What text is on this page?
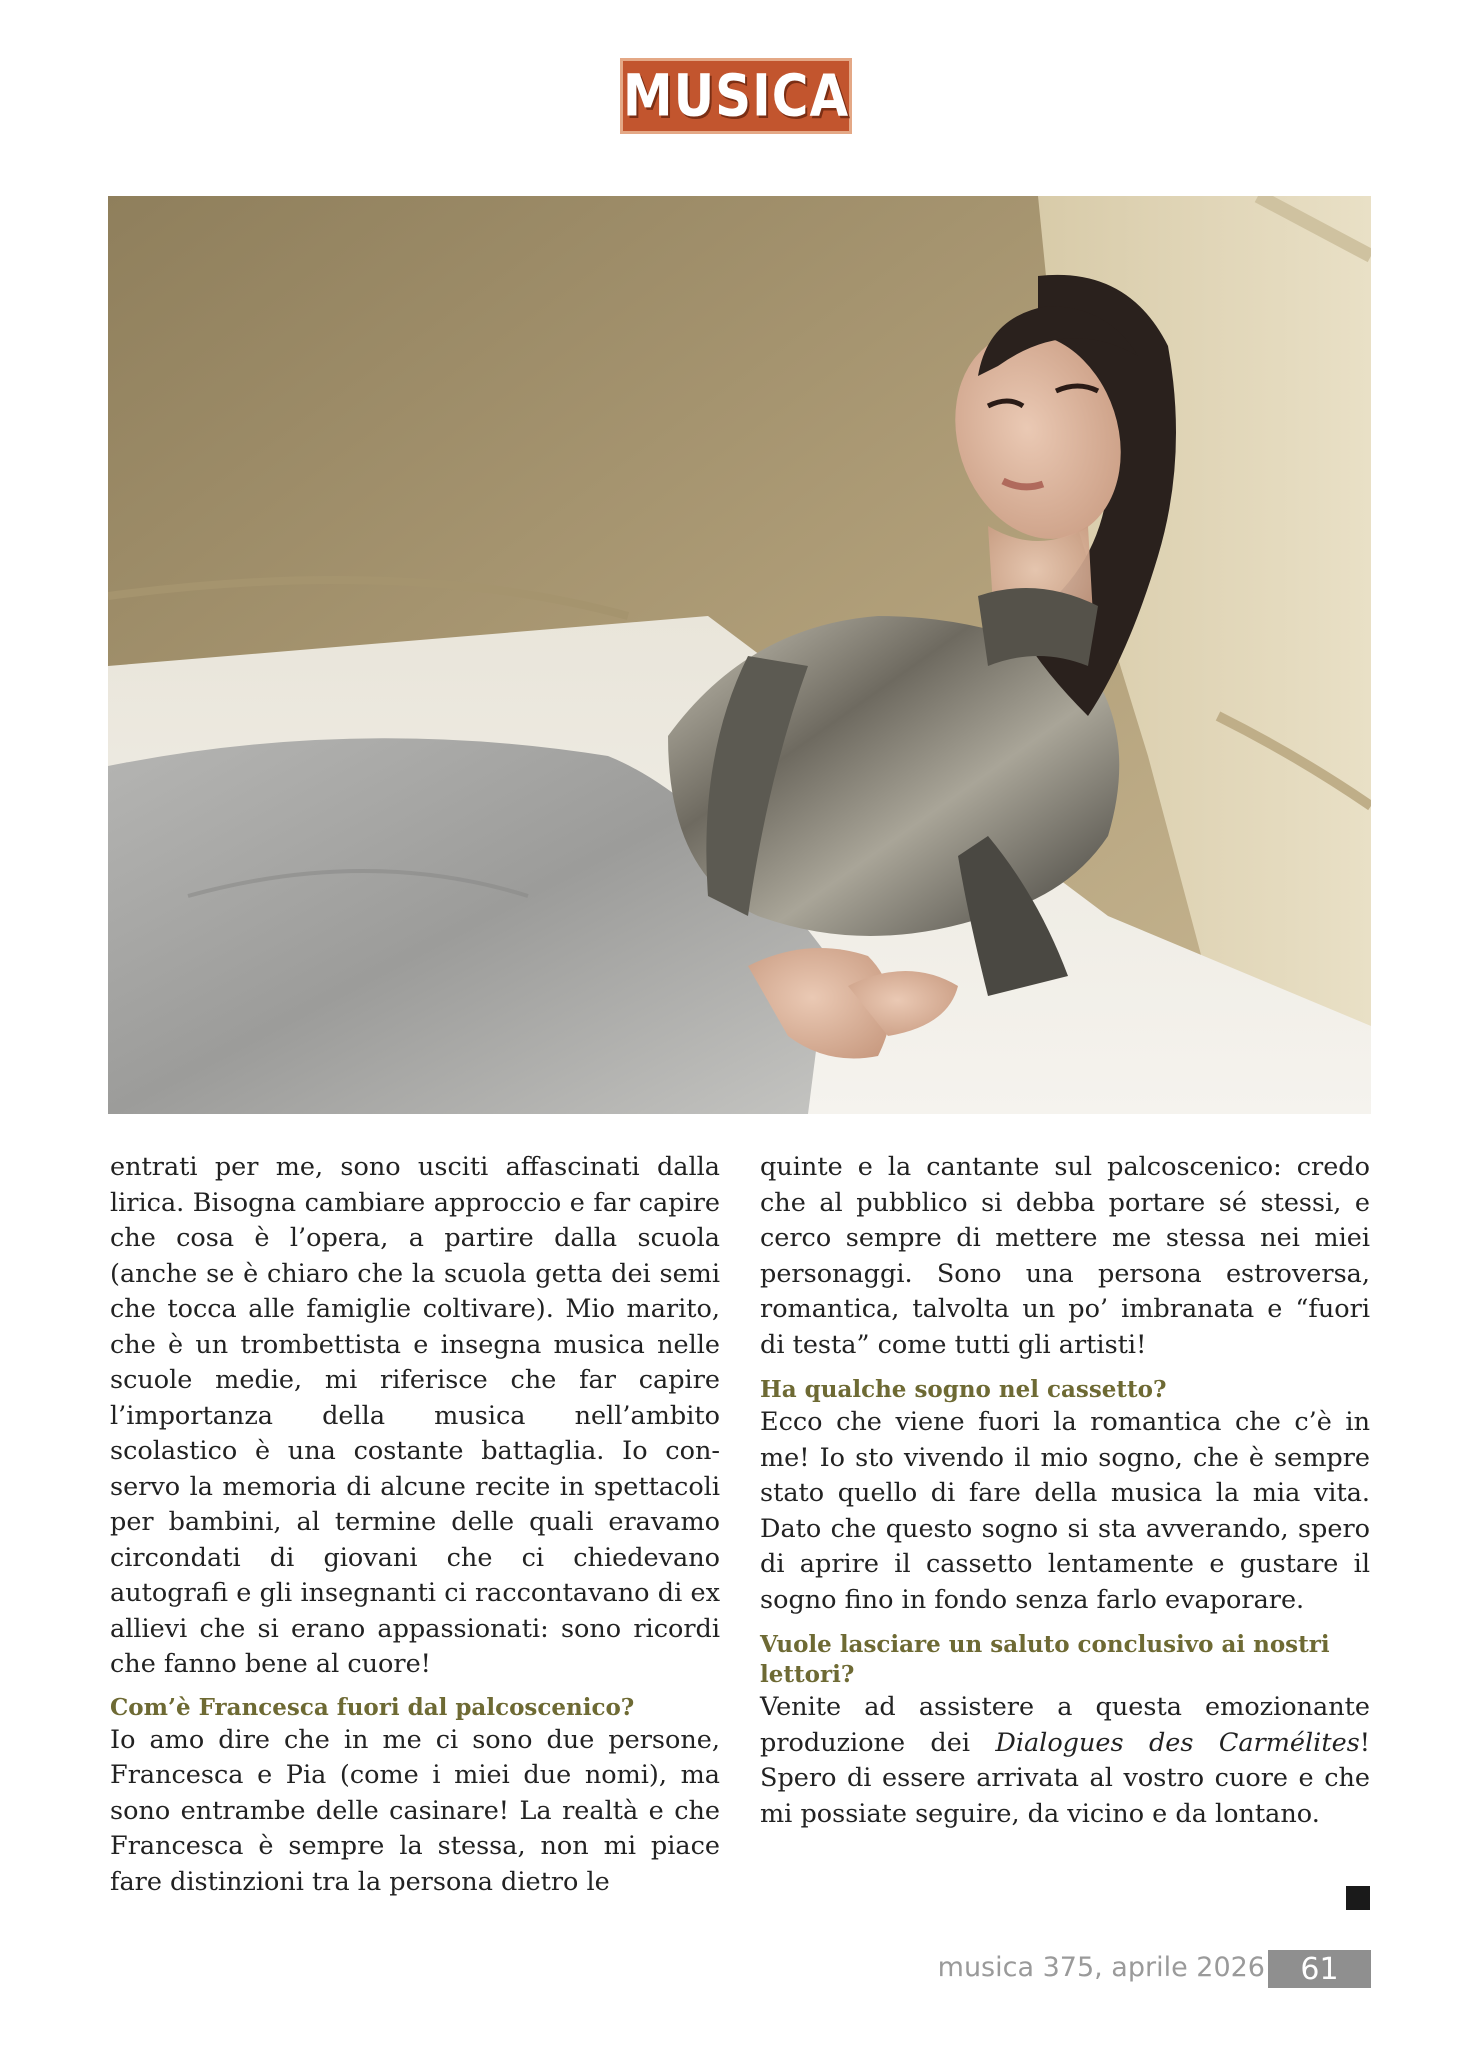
MUSICA

entrati per me, sono usciti affascinati dalla lirica. Bisogna cambiare approccio e far capire che cosa è l’opera, a partire dalla scuola (anche se è chiaro che la scuola getta dei semi che tocca alle famiglie coltivare). Mio marito, che è un trombettista e insegna musica nelle scuole medie, mi riferisce che far capire l’importanza della musica nell’ambito scolastico è una costante battaglia. Io conservo la memoria di alcune recite in spettacoli per bambini, al termine delle quali eravamo circondati di giovani che ci chiedevano autografi e gli insegnanti ci raccontavano di ex allievi che si erano appassionati: sono ricordi che fanno bene al cuore!

Com’è Francesca fuori dal palcoscenico?

Io amo dire che in me ci sono due persone, Francesca e Pia (come i miei due nomi), ma sono entrambe delle casinare! La realtà e che Francesca è sempre la stessa, non mi piace fare distinzioni tra la persona dietro le

quinte e la cantante sul palcoscenico: credo che al pubblico si debba portare sé stessi, e cerco sempre di mettere me stessa nei miei personaggi. Sono una persona estroversa, romantica, talvolta un po’ imbranata e “fuori di testa” come tutti gli artisti!

Ha qualche sogno nel cassetto?

Ecco che viene fuori la romantica che c’è in me! Io sto vivendo il mio sogno, che è sempre stato quello di fare della musica la mia vita. Dato che questo sogno si sta avverando, spero di aprire il cassetto lentamente e gustare il sogno fino in fondo senza farlo evaporare.

Vuole lasciare un saluto conclusivo ai nostri lettori?

Venite ad assistere a questa emozionante produzione dei Dialogues des Carmélites! Spero di essere arrivata al vostro cuore e che mi possiate seguire, da vicino e da lontano.

musica 375, aprile 2026	61
